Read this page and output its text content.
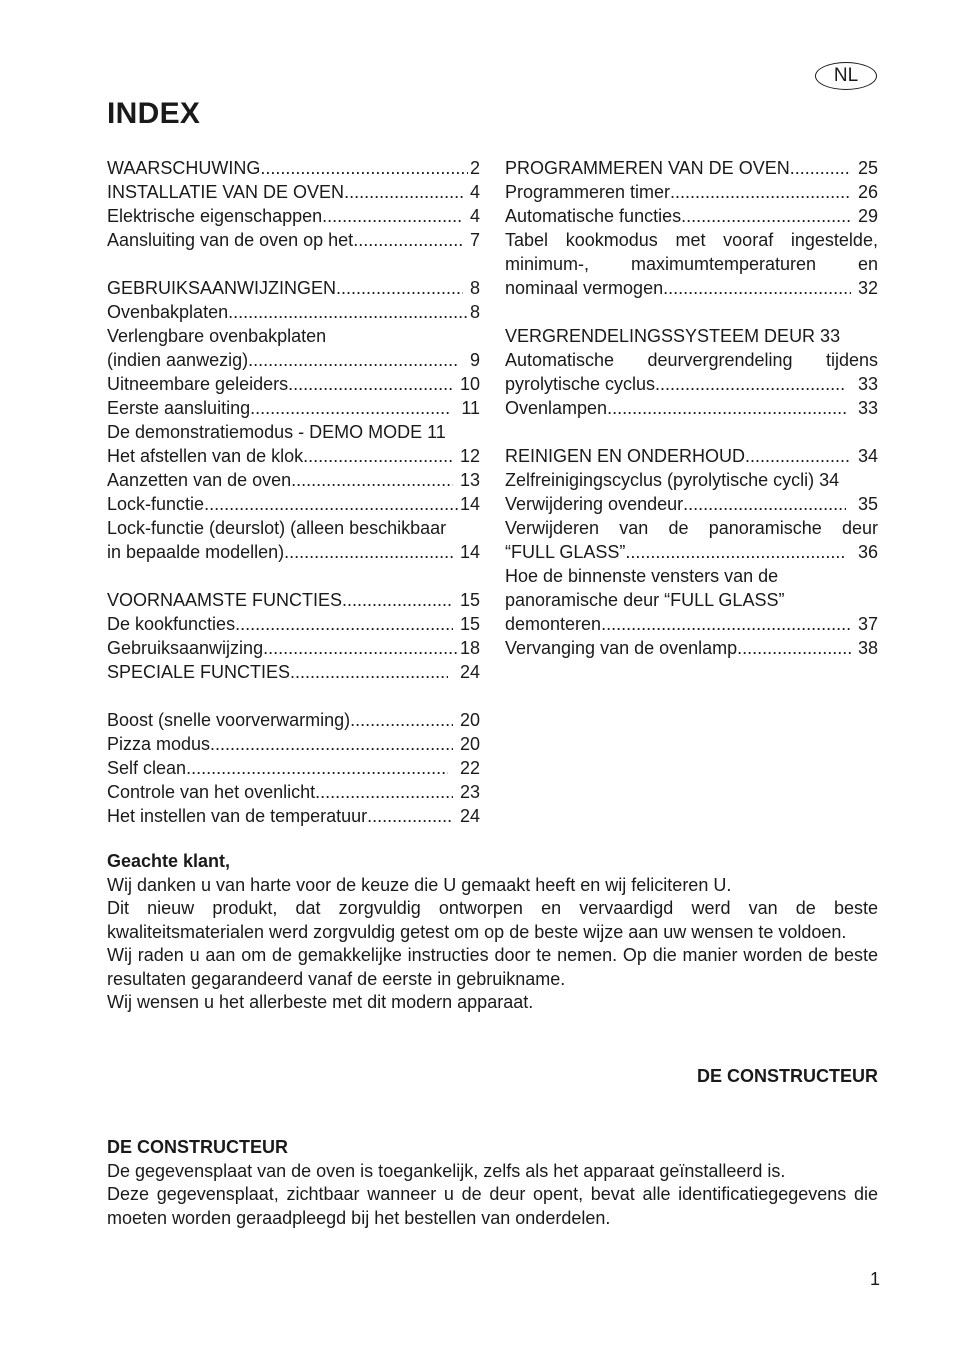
NL
INDEX
WAARSCHUWING .....	2
INSTALLATIE VAN DE OVEN .....	4
Elektrische eigenschappen .....	4
Aansluiting van de oven op het .....	7
GEBRUIKSAANWIJZINGEN .....	8
Ovenbakplaten .....	8
Verlengbare ovenbakplaten
(indien aanwezig) .....	9
Uitneembare geleiders .....	10
Eerste aansluiting .....	11
De demonstratiemodus - DEMO MODE 11
Het afstellen van de klok .....	12
Aanzetten van de oven .....	13
Lock-functie .....	14
Lock-functie (deurslot) (alleen beschikbaar
in bepaalde modellen) .....	14
VOORNAAMSTE FUNCTIES .....	15
De kookfuncties .....	15
Gebruiksaanwijzing .....	18
SPECIALE FUNCTIES .....	24
Boost (snelle voorverwarming) .....	20
Pizza modus .....	20
Self clean .....	22
Controle van het ovenlicht .....	23
Het instellen van de temperatuur .....	24
PROGRAMMEREN VAN DE OVEN .....	25
Programmeren timer .....	26
Automatische functies .....	29
Tabel kookmodus met vooraf ingestelde,
minimum-, maximumtemperaturen en
nominaal vermogen .....	32
VERGRENDELINGSSYSTEEM DEUR 33
Automatische deurvergrendeling tijdens
pyrolytische cyclus .....	33
Ovenlampen .....	33
REINIGEN EN ONDERHOUD .....	34
Zelfreinigingscyclus (pyrolytische cycli) 34
Verwijdering ovendeur .....	35
Verwijderen van de panoramische deur
“FULL GLASS” .....	36
Hoe de binnenste vensters van de
panoramische deur “FULL GLASS”
demonteren .....	37
Vervanging van de ovenlamp .....	38

Geachte klant,

Wij danken u van harte voor de keuze die U gemaakt heeft en wij feliciteren U.

Dit nieuw produkt, dat zorgvuldig ontworpen en vervaardigd werd van de beste kwaliteitsmaterialen werd zorgvuldig getest om op de beste wijze aan uw wensen te voldoen.

Wij raden u aan om de gemakkelijke instructies door te nemen. Op die manier worden de beste resultaten gegarandeerd vanaf de eerste in gebruikname.

Wij wensen u het allerbeste met dit modern apparaat.

DE CONSTRUCTEUR

DE CONSTRUCTEUR

De gegevensplaat van de oven is toegankelijk, zelfs als het apparaat geïnstalleerd is.

Deze gegevensplaat, zichtbaar wanneer u de deur opent, bevat alle identificatiegegevens die moeten worden geraadpleegd bij het bestellen van onderdelen.

1
